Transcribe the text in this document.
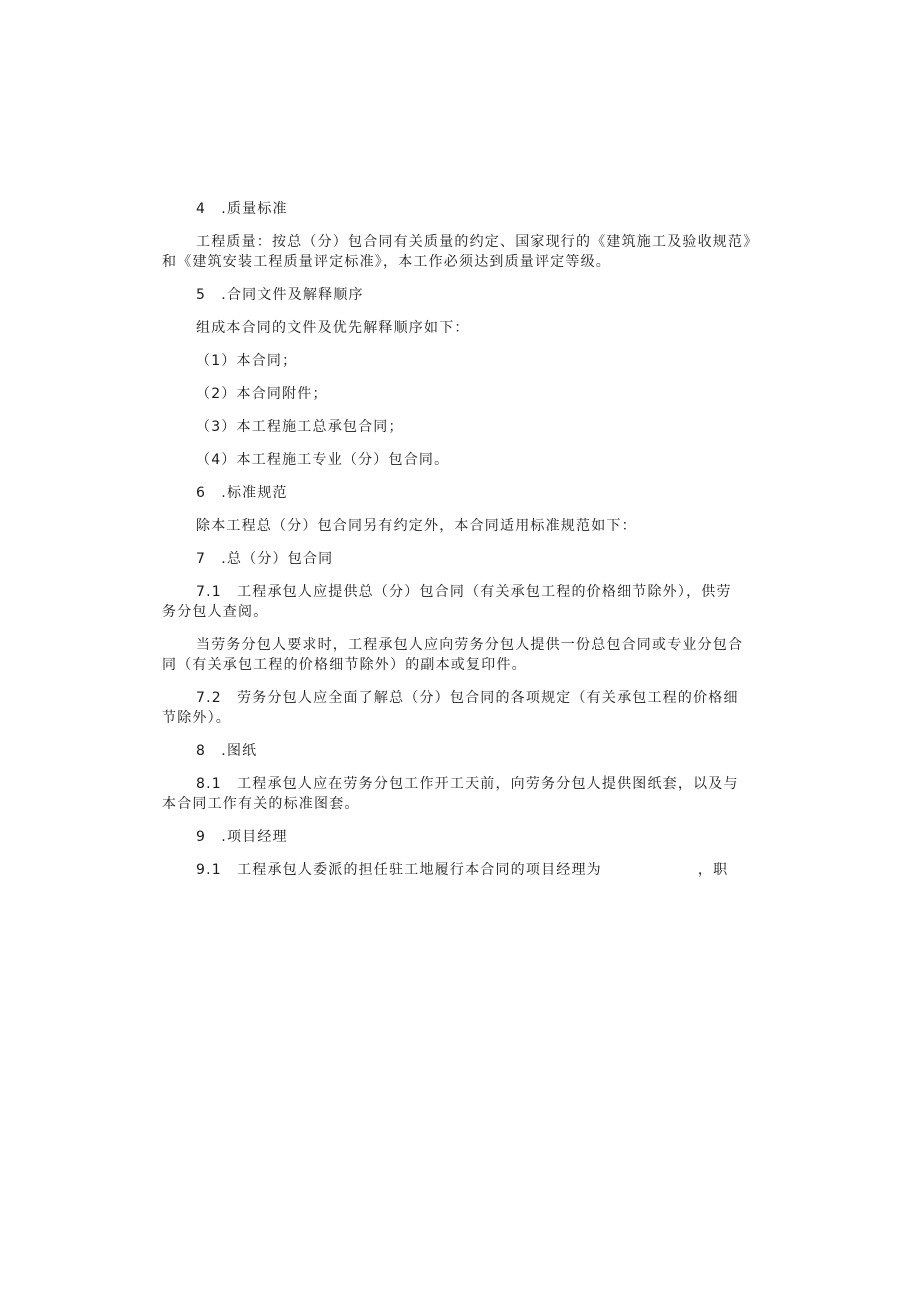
4　.质量标准

工程质量：按总（分）包合同有关质量的约定、国家现行的《建筑施工及验收规范》

和《建筑安装工程质量评定标准》，本工作必须达到质量评定等级。

5　.合同文件及解释顺序

组成本合同的文件及优先解释顺序如下：

（1）本合同；

（2）本合同附件；

（3）本工程施工总承包合同；

（4）本工程施工专业（分）包合同。

6　.标准规范

除本工程总（分）包合同另有约定外，本合同适用标准规范如下：

7　.总（分）包合同

7.1　工程承包人应提供总（分）包合同（有关承包工程的价格细节除外），供劳

务分包人查阅。

当劳务分包人要求时，工程承包人应向劳务分包人提供一份总包合同或专业分包合

同（有关承包工程的价格细节除外）的副本或复印件。

7.2　劳务分包人应全面了解总（分）包合同的各项规定（有关承包工程的价格细

节除外）。

8　.图纸

8.1　工程承包人应在劳务分包工作开工天前，向劳务分包人提供图纸套，以及与

本合同工作有关的标准图套。

9　.项目经理

9.1　工程承包人委派的担任驻工地履行本合同的项目经理为	，职
